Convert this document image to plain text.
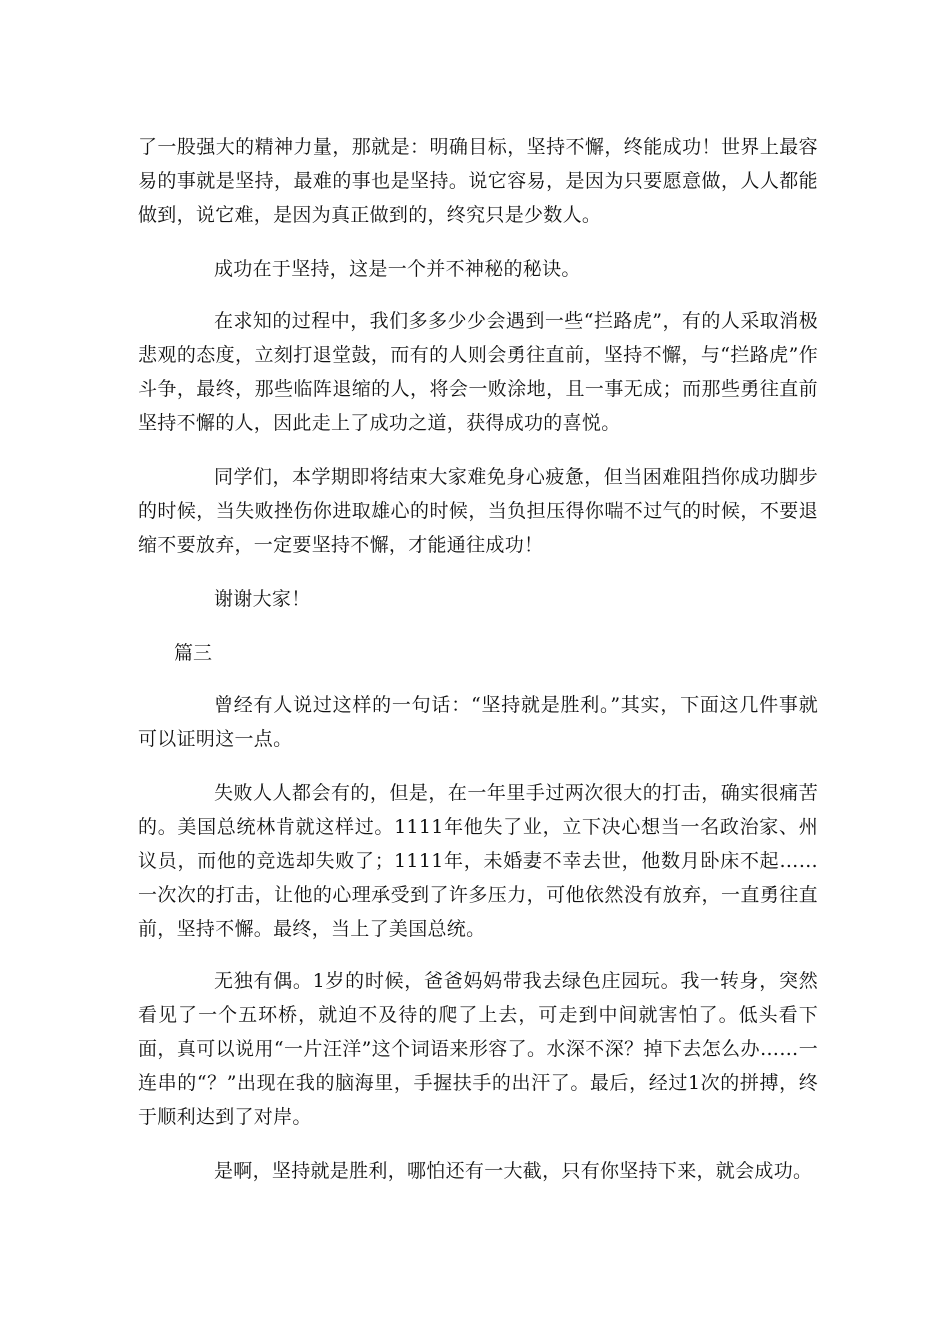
了一股强大的精神力量，那就是：明确目标，坚持不懈，终能成功！世界上最容易的事就是坚持，最难的事也是坚持。说它容易，是因为只要愿意做，人人都能做到，说它难，是因为真正做到的，终究只是少数人。

成功在于坚持，这是一个并不神秘的秘诀。

在求知的过程中，我们多多少少会遇到一些“拦路虎”，有的人采取消极悲观的态度，立刻打退堂鼓，而有的人则会勇往直前，坚持不懈，与“拦路虎”作斗争，最终，那些临阵退缩的人，将会一败涂地，且一事无成；而那些勇往直前坚持不懈的人，因此走上了成功之道，获得成功的喜悦。

同学们，本学期即将结束大家难免身心疲惫，但当困难阻挡你成功脚步的时候，当失败挫伤你进取雄心的时候，当负担压得你喘不过气的时候，不要退缩不要放弃，一定要坚持不懈，才能通往成功！

谢谢大家！

篇三

曾经有人说过这样的一句话：“坚持就是胜利。”其实，下面这几件事就可以证明这一点。

失败人人都会有的，但是，在一年里手过两次很大的打击，确实很痛苦的。美国总统林肯就这样过。1111年他失了业，立下决心想当一名政治家、州议员，而他的竞选却失败了；1111年，未婚妻不幸去世，他数月卧床不起……一次次的打击，让他的心理承受到了许多压力，可他依然没有放弃，一直勇往直前，坚持不懈。最终，当上了美国总统。

无独有偶。1岁的时候，爸爸妈妈带我去绿色庄园玩。我一转身，突然看见了一个五环桥，就迫不及待的爬了上去，可走到中间就害怕了。低头看下面，真可以说用“一片汪洋”这个词语来形容了。水深不深？掉下去怎么办……一连串的“？”出现在我的脑海里，手握扶手的出汗了。最后，经过1次的拼搏，终于顺利达到了对岸。

是啊，坚持就是胜利，哪怕还有一大截，只有你坚持下来，就会成功。
